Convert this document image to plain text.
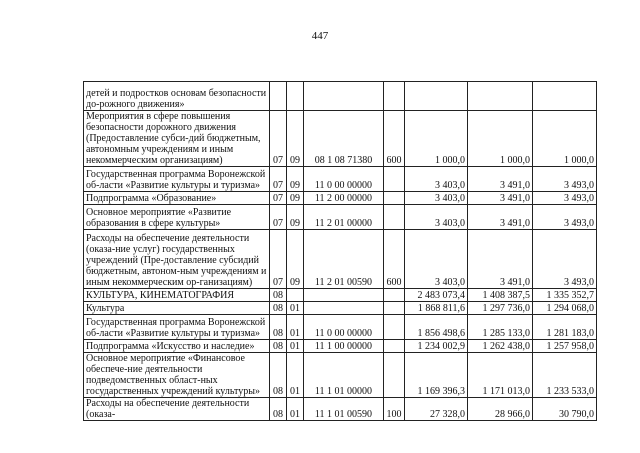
447
детей и подростков основам безопасности до-рожного движения»							
Мероприятия в сфере повышения безопасности дорожного движения (Предоставление субси-дий бюджетным, автономным учреждениям и иным некоммерческим организациям)	07	09	08 1 08 71380	600	1 000,0	1 000,0	1 000,0
Государственная программа Воронежской об-ласти «Развитие культуры и туризма»	07	09	11 0 00 00000		3 403,0	3 491,0	3 493,0
Подпрограмма «Образование»	07	09	11 2 00 00000		3 403,0	3 491,0	3 493,0
Основное мероприятие «Развитие образования в сфере культуры»	07	09	11 2 01 00000		3 403,0	3 491,0	3 493,0
Расходы на обеспечение деятельности (оказа-ние услуг) государственных учреждений (Пре-доставление субсидий бюджетным, автоном-ным учреждениям и иным некоммерческим ор-ганизациям)	07	09	11 2 01 00590	600	3 403,0	3 491,0	3 493,0
КУЛЬТУРА, КИНЕМАТОГРАФИЯ	08				2 483 073,4	1 408 387,5	1 335 352,7
Культура	08	01			1 868 811,6	1 297 736,0	1 294 068,0
Государственная программа Воронежской об-ласти «Развитие культуры и туризма»	08	01	11 0 00 00000		1 856 498,6	1 285 133,0	1 281 183,0
Подпрограмма «Искусство и наследие»	08	01	11 1 00 00000		1 234 002,9	1 262 438,0	1 257 958,0
Основное мероприятие «Финансовое обеспече-ние деятельности подведомственных област-ных государственных учреждений культуры»	08	01	11 1 01 00000		1 169 396,3	1 171 013,0	1 233 533,0
Расходы на обеспечение деятельности (оказа-	08	01	11 1 01 00590	100	27 328,0	28 966,0	30 790,0
